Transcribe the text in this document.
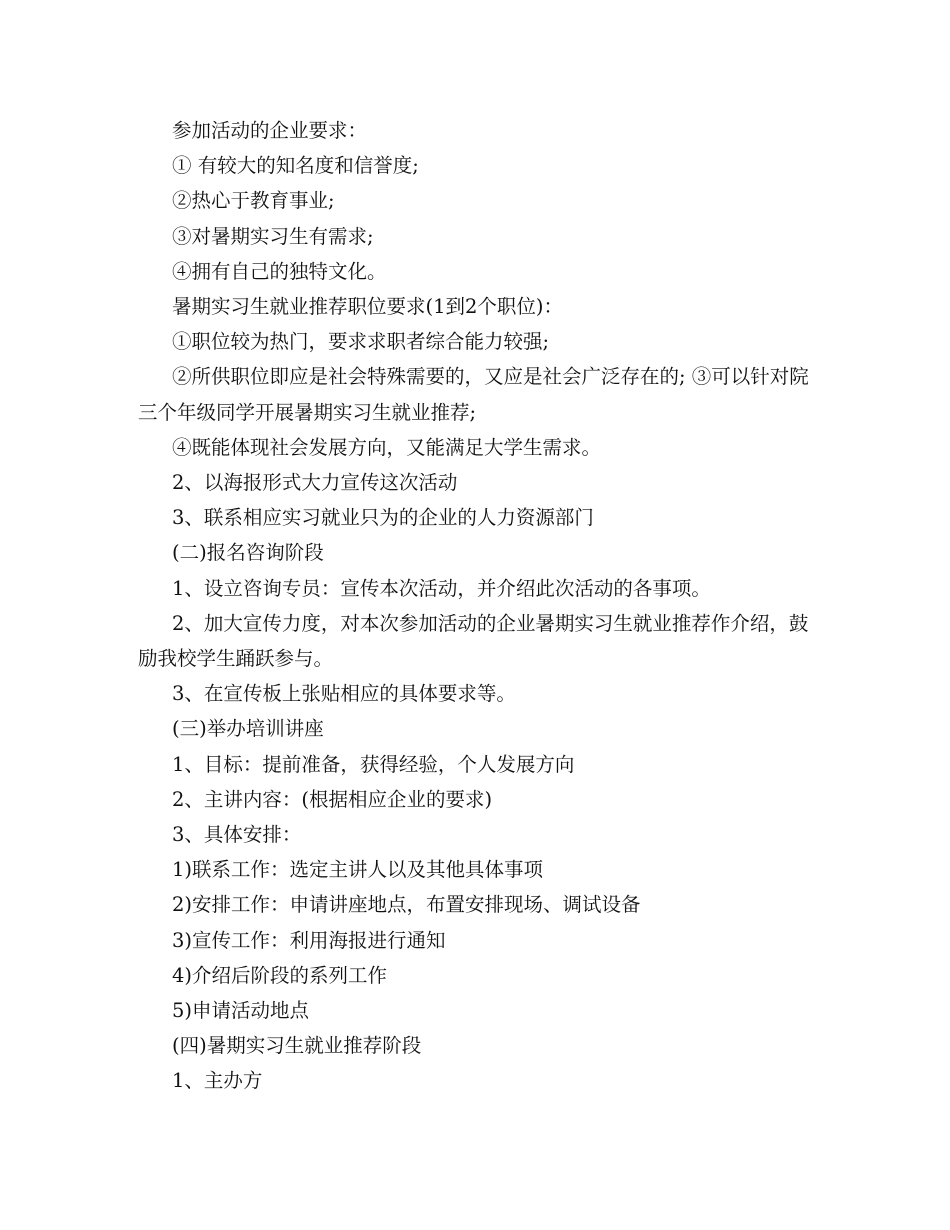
参加活动的企业要求：

① 有较大的知名度和信誉度;

②热心于教育事业;

③对暑期实习生有需求;

④拥有自己的独特文化。

暑期实习生就业推荐职位要求(1到2个职位)：

①职位较为热门，要求求职者综合能力较强;

②所供职位即应是社会特殊需要的，又应是社会广泛存在的; ③可以针对院三个年级同学开展暑期实习生就业推荐;

④既能体现社会发展方向，又能满足大学生需求。

2、以海报形式大力宣传这次活动

3、联系相应实习就业只为的企业的人力资源部门

(二)报名咨询阶段

1、设立咨询专员：宣传本次活动，并介绍此次活动的各事项。

2、加大宣传力度，对本次参加活动的企业暑期实习生就业推荐作介绍，鼓励我校学生踊跃参与。

3、在宣传板上张贴相应的具体要求等。

(三)举办培训讲座

1、目标：提前准备，获得经验，个人发展方向

2、主讲内容：(根据相应企业的要求)

3、具体安排：

1)联系工作：选定主讲人以及其他具体事项

2)安排工作：申请讲座地点，布置安排现场、调试设备

3)宣传工作：利用海报进行通知

4)介绍后阶段的系列工作

5)申请活动地点

(四)暑期实习生就业推荐阶段

1、主办方
